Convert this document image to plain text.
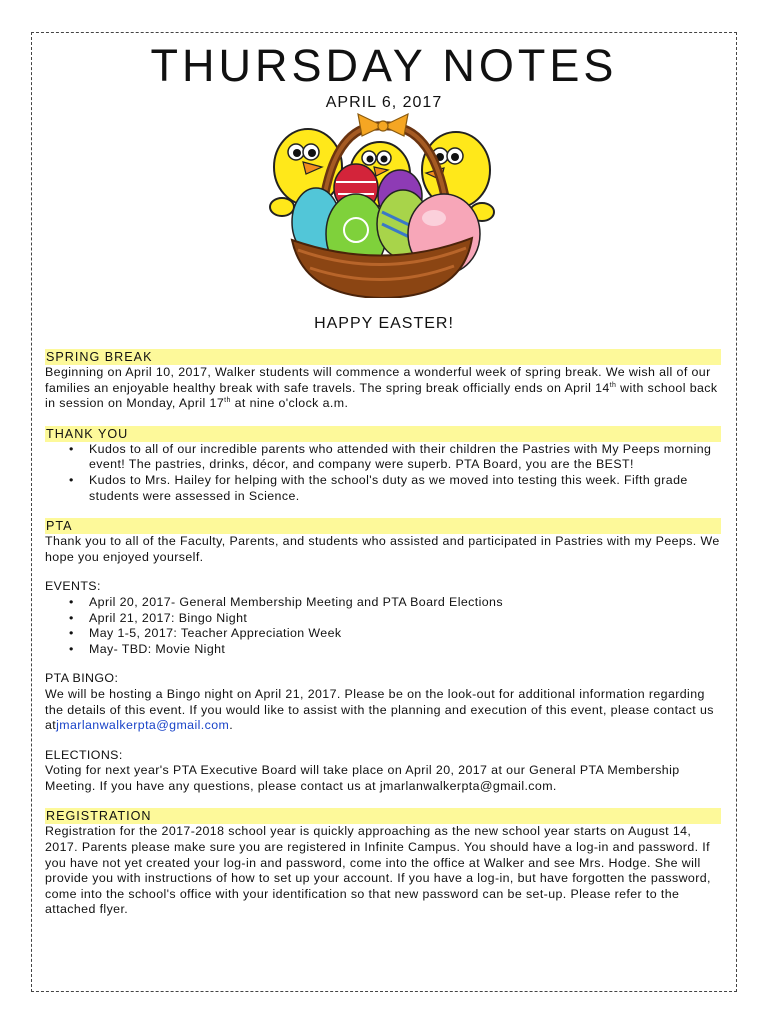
THURSDAY NOTES
APRIL 6, 2017
HAPPY EASTER!
SPRING BREAK

Beginning on April 10, 2017, Walker students will commence a wonderful week of spring break. We wish all of our families an enjoyable healthy break with safe travels. The spring break officially ends on April 14th with school back in session on Monday, April 17th at nine o'clock a.m.

THANK YOU
• Kudos to all of our incredible parents who attended with their children the Pastries with My Peeps morning event! The pastries, drinks, décor, and company were superb. PTA Board, you are the BEST!
• Kudos to Mrs. Hailey for helping with the school's duty as we moved into testing this week. Fifth grade students were assessed in Science.
PTA

Thank you to all of the Faculty, Parents, and students who assisted and participated in Pastries with my Peeps. We hope you enjoyed yourself.

EVENTS:
• April 20, 2017- General Membership Meeting and PTA Board Elections
• April 21, 2017: Bingo Night
• May 1-5, 2017: Teacher Appreciation Week
• May- TBD: Movie Night
PTA BINGO:

We will be hosting a Bingo night on April 21, 2017. Please be on the look-out for additional information regarding the details of this event. If you would like to assist with the planning and execution of this event, please contact us atjmarlanwalkerpta@gmail.com.

ELECTIONS:

Voting for next year's PTA Executive Board will take place on April 20, 2017 at our General PTA Membership Meeting. If you have any questions, please contact us at jmarlanwalkerpta@gmail.com.

REGISTRATION

Registration for the 2017-2018 school year is quickly approaching as the new school year starts on August 14, 2017. Parents please make sure you are registered in Infinite Campus. You should have a log-in and password. If you have not yet created your log-in and password, come into the office at Walker and see Mrs. Hodge. She will provide you with instructions of how to set up your account. If you have a log-in, but have forgotten the password, come into the school's office with your identification so that new password can be set-up. Please refer to the attached flyer.
